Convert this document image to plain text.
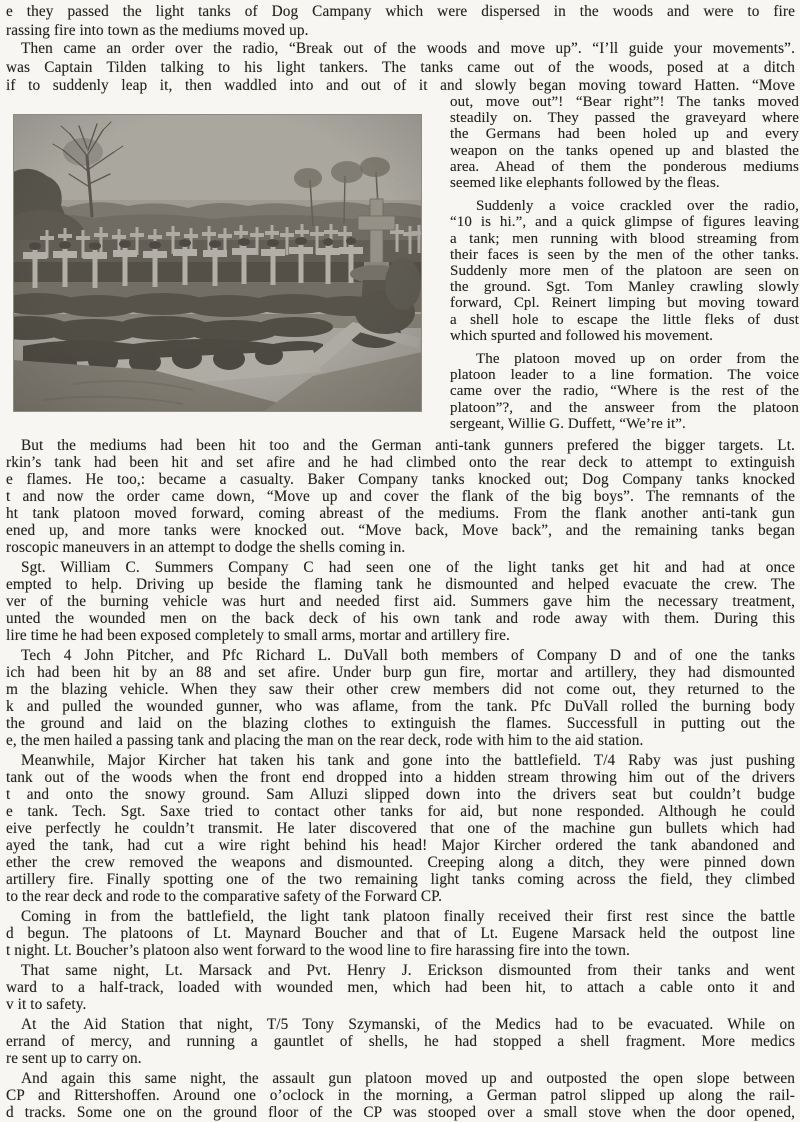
e they passed the light tanks of Dog Campany which were dispersed in the woods and were to fire
rassing fire into town as the mediums moved up.
Then came an order over the radio, “Break out of the woods and move up”. “I’ll guide your movements”.
was Captain Tilden talking to his light tankers. The tanks came out of the woods, posed at a ditch
if to suddenly leap it, then waddled into and out of it and slowly began moving toward Hatten. “Move
out, move out”! “Bear right”! The tanks moved
steadily on. They passed the graveyard where
the Germans had been holed up and every
weapon on the tanks opened up and blasted the
area. Ahead of them the ponderous mediums
seemed like elephants followed by the fleas.
Suddenly a voice crackled over the radio,
“10 is hi.”, and a quick glimpse of figures leaving
a tank; men running with blood streaming from
their faces is seen by the men of the other tanks.
Suddenly more men of the platoon are seen on
the ground. Sgt. Tom Manley crawling slowly
forward, Cpl. Reinert limping but moving toward
a shell hole to escape the little fleks of dust
which spurted and followed his movement.
The platoon moved up on order from the
platoon leader to a line formation. The voice
came over the radio, “Where is the rest of the
platoon”?, and the answeer from the platoon
sergeant, Willie G. Duffett, “We’re it”.
But the mediums had been hit too and the German anti-tank gunners prefered the bigger targets. Lt.
rkin’s tank had been hit and set afire and he had climbed onto the rear deck to attempt to extinguish
e flames. He too,: became a casualty. Baker Company tanks knocked out; Dog Company tanks knocked
t and now the order came down, “Move up and cover the flank of the big boys”. The remnants of the
ht tank platoon moved forward, coming abreast of the mediums. From the flank another anti-tank gun
ened up, and more tanks were knocked out. “Move back, Move back”, and the remaining tanks began
roscopic maneuvers in an attempt to dodge the shells coming in.
Sgt. William C. Summers Company C had seen one of the light tanks get hit and had at once
empted to help. Driving up beside the flaming tank he dismounted and helped evacuate the crew. The
ver of the burning vehicle was hurt and needed first aid. Summers gave him the necessary treatment,
unted the wounded men on the back deck of his own tank and rode away with them. During this
lire time he had been exposed completely to small arms, mortar and artillery fire.
Tech 4 John Pitcher, and Pfc Richard L. DuVall both members of Company D and of one the tanks
ich had been hit by an 88 and set afire. Under burp gun fire, mortar and artillery, they had dismounted
m the blazing vehicle. When they saw their other crew members did not come out, they returned to the
k and pulled the wounded gunner, who was aflame, from the tank. Pfc DuVall rolled the burning body
the ground and laid on the blazing clothes to extinguish the flames. Successfull in putting out the
e, the men hailed a passing tank and placing the man on the rear deck, rode with him to the aid station.
Meanwhile, Major Kircher hat taken his tank and gone into the battlefield. T/4 Raby was just pushing
tank out of the woods when the front end dropped into a hidden stream throwing him out of the drivers
t and onto the snowy ground. Sam Alluzi slipped down into the drivers seat but couldn’t budge
e tank. Tech. Sgt. Saxe tried to contact other tanks for aid, but none responded. Although he could
eive perfectly he couldn’t transmit. He later discovered that one of the machine gun bullets which had
ayed the tank, had cut a wire right behind his head! Major Kircher ordered the tank abandoned and
ether the crew removed the weapons and dismounted. Creeping along a ditch, they were pinned down
artillery fire. Finally spotting one of the two remaining light tanks coming across the field, they climbed
to the rear deck and rode to the comparative safety of the Forward CP.
Coming in from the battlefield, the light tank platoon finally received their first rest since the battle
d begun. The platoons of Lt. Maynard Boucher and that of Lt. Eugene Marsack held the outpost line
t night. Lt. Boucher’s platoon also went forward to the wood line to fire harassing fire into the town.
That same night, Lt. Marsack and Pvt. Henry J. Erickson dismounted from their tanks and went
ward to a half-track, loaded with wounded men, which had been hit, to attach a cable onto it and
v it to safety.
At the Aid Station that night, T/5 Tony Szymanski, of the Medics had to be evacuated. While on
errand of mercy, and running a gauntlet of shells, he had stopped a shell fragment. More medics
re sent up to carry on.
And again this same night, the assault gun platoon moved up and outposted the open slope between
CP and Rittershoffen. Around one o’oclock in the morning, a German patrol slipped up along the rail-
d tracks. Some one on the ground floor of the CP was stooped over a small stove when the door opened,
